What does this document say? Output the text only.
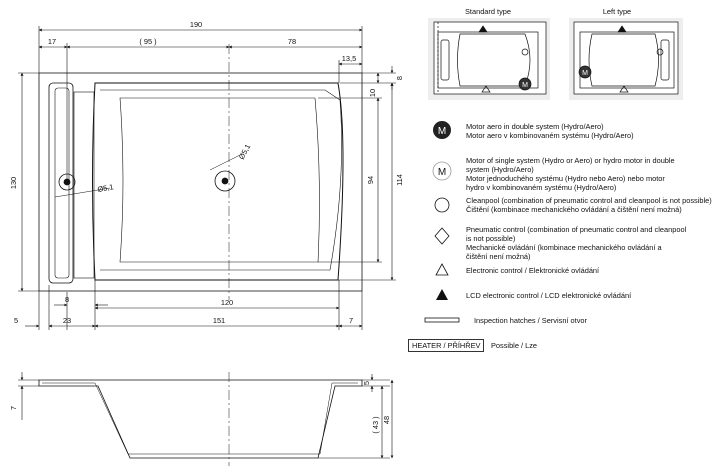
190
17	( 95 )	78
13,5
Ø5,1
Ø5,1
8	120
5	23	151	7
130
8
10
94	114
5
( 43 ) 48
7
Standard type
M
Left type
M
M
M
Motor aero in double system (Hydro/Aero)
Motor aero v kombinovaném systému (Hydro/Aero)
Motor of single system (Hydro or Aero) or hydro motor in double
system (Hydro/Aero)
Motor jednoduchého systému (Hydro nebo Aero) nebo motor
hydro v kombinovaném systému (Hydro/Aero)
Cleanpool (combination of pneumatic control and cleanpool is not possible)
Čištění (kombinace mechanického ovládání a čištění není možná)
Pneumatic control (combination of pneumatic control and cleanpool
is not possible)
Mechanické ovládání (kombinace mechanického ovládání a
čištění není možná)
Electronic control / Elektronické ovládání
LCD electronic control / LCD elektronické ovládání
Inspection hatches / Servisní otvor
HEATER / PŘÍHŘEV	Possible / Lze
